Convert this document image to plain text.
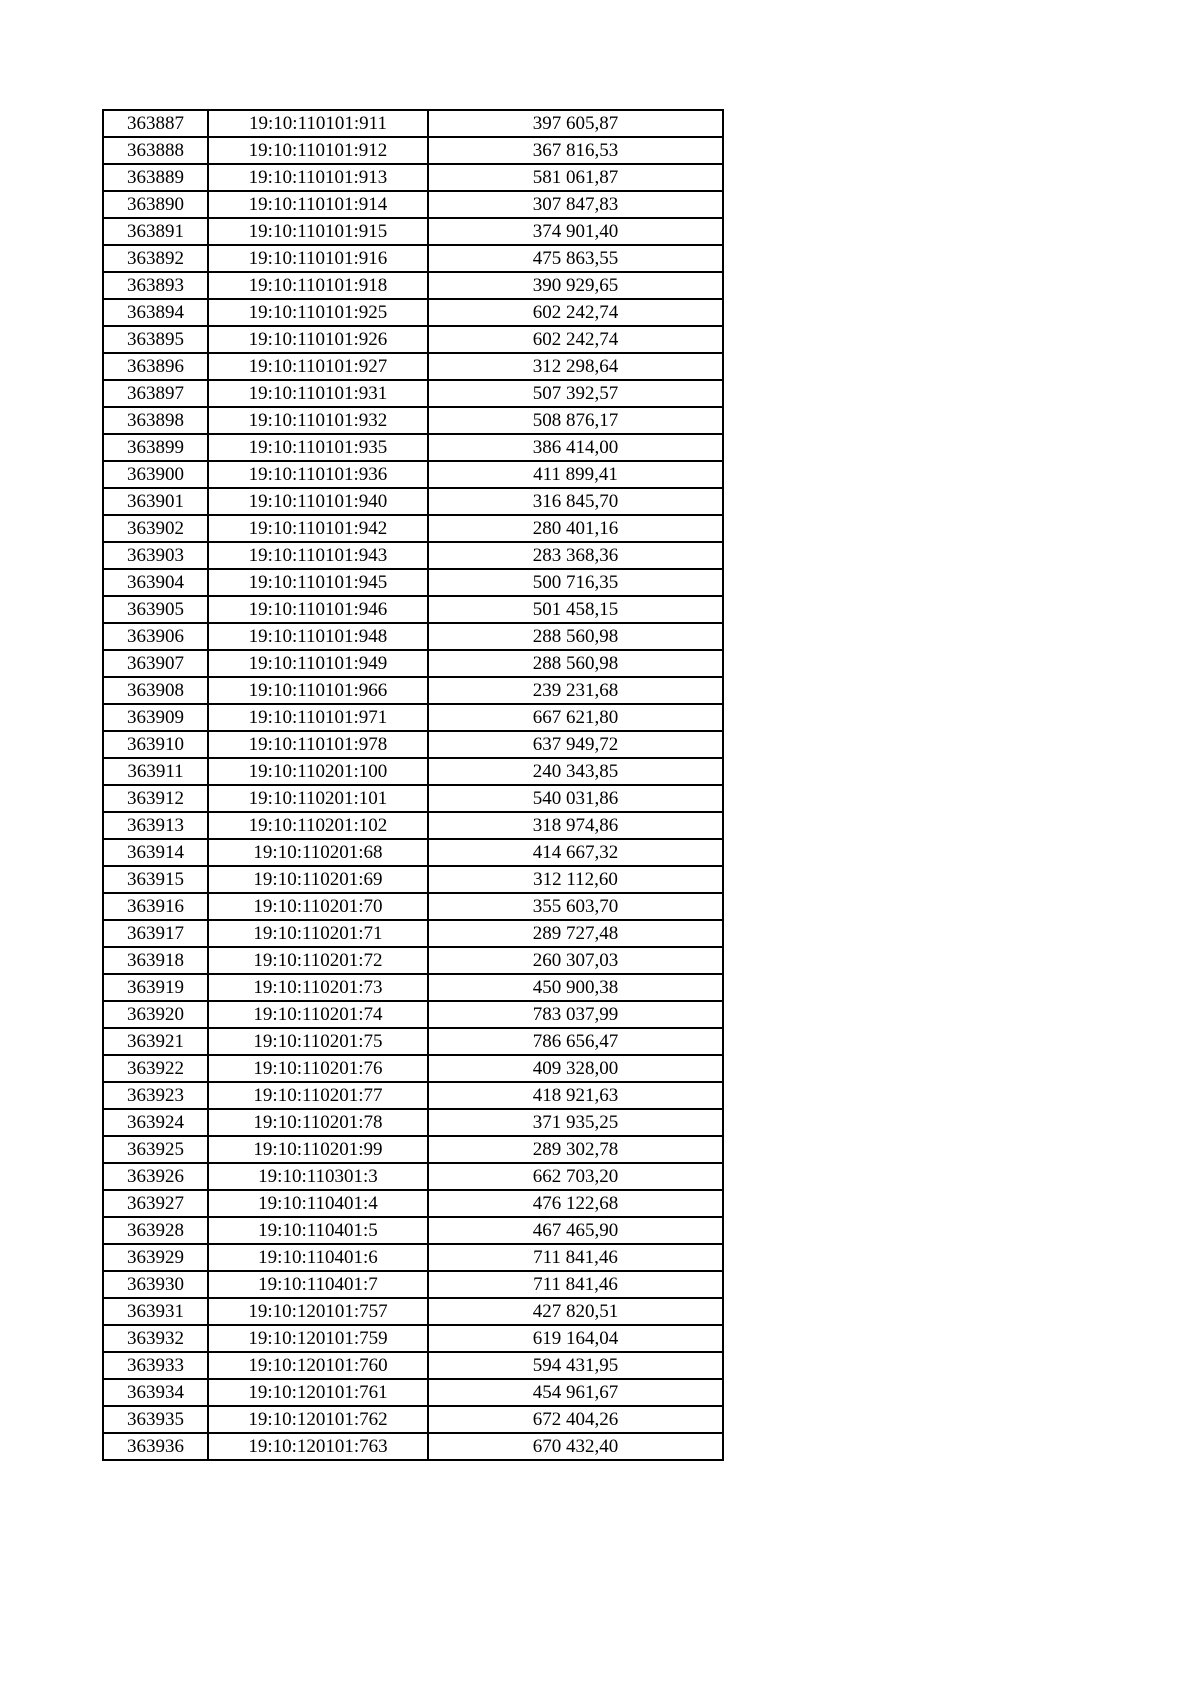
363887	19:10:110101:911	397 605,87
363888	19:10:110101:912	367 816,53
363889	19:10:110101:913	581 061,87
363890	19:10:110101:914	307 847,83
363891	19:10:110101:915	374 901,40
363892	19:10:110101:916	475 863,55
363893	19:10:110101:918	390 929,65
363894	19:10:110101:925	602 242,74
363895	19:10:110101:926	602 242,74
363896	19:10:110101:927	312 298,64
363897	19:10:110101:931	507 392,57
363898	19:10:110101:932	508 876,17
363899	19:10:110101:935	386 414,00
363900	19:10:110101:936	411 899,41
363901	19:10:110101:940	316 845,70
363902	19:10:110101:942	280 401,16
363903	19:10:110101:943	283 368,36
363904	19:10:110101:945	500 716,35
363905	19:10:110101:946	501 458,15
363906	19:10:110101:948	288 560,98
363907	19:10:110101:949	288 560,98
363908	19:10:110101:966	239 231,68
363909	19:10:110101:971	667 621,80
363910	19:10:110101:978	637 949,72
363911	19:10:110201:100	240 343,85
363912	19:10:110201:101	540 031,86
363913	19:10:110201:102	318 974,86
363914	19:10:110201:68	414 667,32
363915	19:10:110201:69	312 112,60
363916	19:10:110201:70	355 603,70
363917	19:10:110201:71	289 727,48
363918	19:10:110201:72	260 307,03
363919	19:10:110201:73	450 900,38
363920	19:10:110201:74	783 037,99
363921	19:10:110201:75	786 656,47
363922	19:10:110201:76	409 328,00
363923	19:10:110201:77	418 921,63
363924	19:10:110201:78	371 935,25
363925	19:10:110201:99	289 302,78
363926	19:10:110301:3	662 703,20
363927	19:10:110401:4	476 122,68
363928	19:10:110401:5	467 465,90
363929	19:10:110401:6	711 841,46
363930	19:10:110401:7	711 841,46
363931	19:10:120101:757	427 820,51
363932	19:10:120101:759	619 164,04
363933	19:10:120101:760	594 431,95
363934	19:10:120101:761	454 961,67
363935	19:10:120101:762	672 404,26
363936	19:10:120101:763	670 432,40
